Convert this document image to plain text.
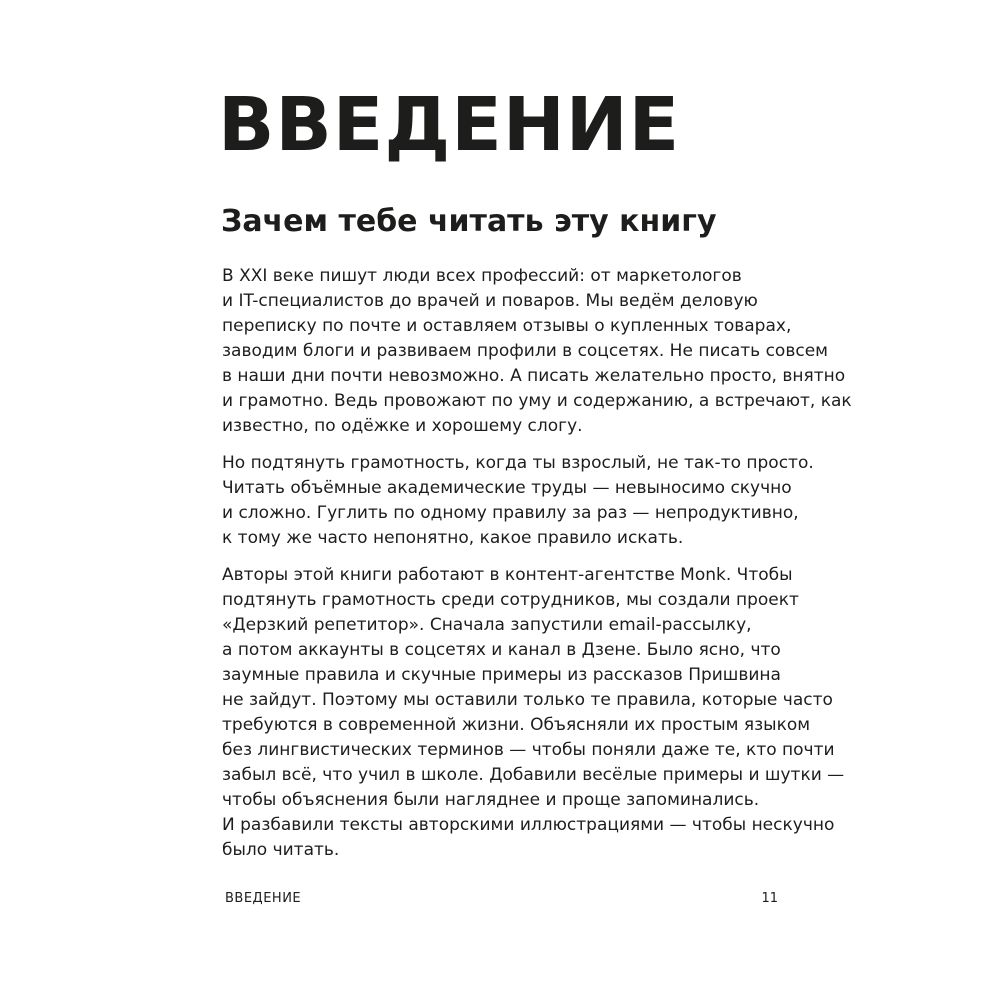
ВВЕДЕНИЕ
Зачем тебе читать эту книгу

В XXI веке пишут люди всех профессий: от маркетологов
и IT-специалистов до врачей и поваров. Мы ведём деловую
переписку по почте и оставляем отзывы о купленных товарах,
заводим блоги и развиваем профили в соцсетях. Не писать совсем
в наши дни почти невозможно. А писать желательно просто, внятно
и грамотно. Ведь провожают по уму и содержанию, а встречают, как
известно, по одёжке и хорошему слогу.

Но подтянуть грамотность, когда ты взрослый, не так-то просто.
Читать объёмные академические труды — невыносимо скучно
и сложно. Гуглить по одному правилу за раз — непродуктивно,
к тому же часто непонятно, какое правило искать.

Авторы этой книги работают в контент-агентстве Monk. Чтобы
подтянуть грамотность среди сотрудников, мы создали проект
«Дерзкий репетитор». Сначала запустили email-рассылку,
а потом аккаунты в соцсетях и канал в Дзене. Было ясно, что
заумные правила и скучные примеры из рассказов Пришвина
не зайдут. Поэтому мы оставили только те правила, которые часто
требуются в современной жизни. Объясняли их простым языком
без лингвистических терминов — чтобы поняли даже те, кто почти
забыл всё, что учил в школе. Добавили весёлые примеры и шутки —
чтобы объяснения были нагляднее и проще запоминались.
И разбавили тексты авторскими иллюстрациями — чтобы нескучно
было читать.

ВВЕДЕНИЕ	11
